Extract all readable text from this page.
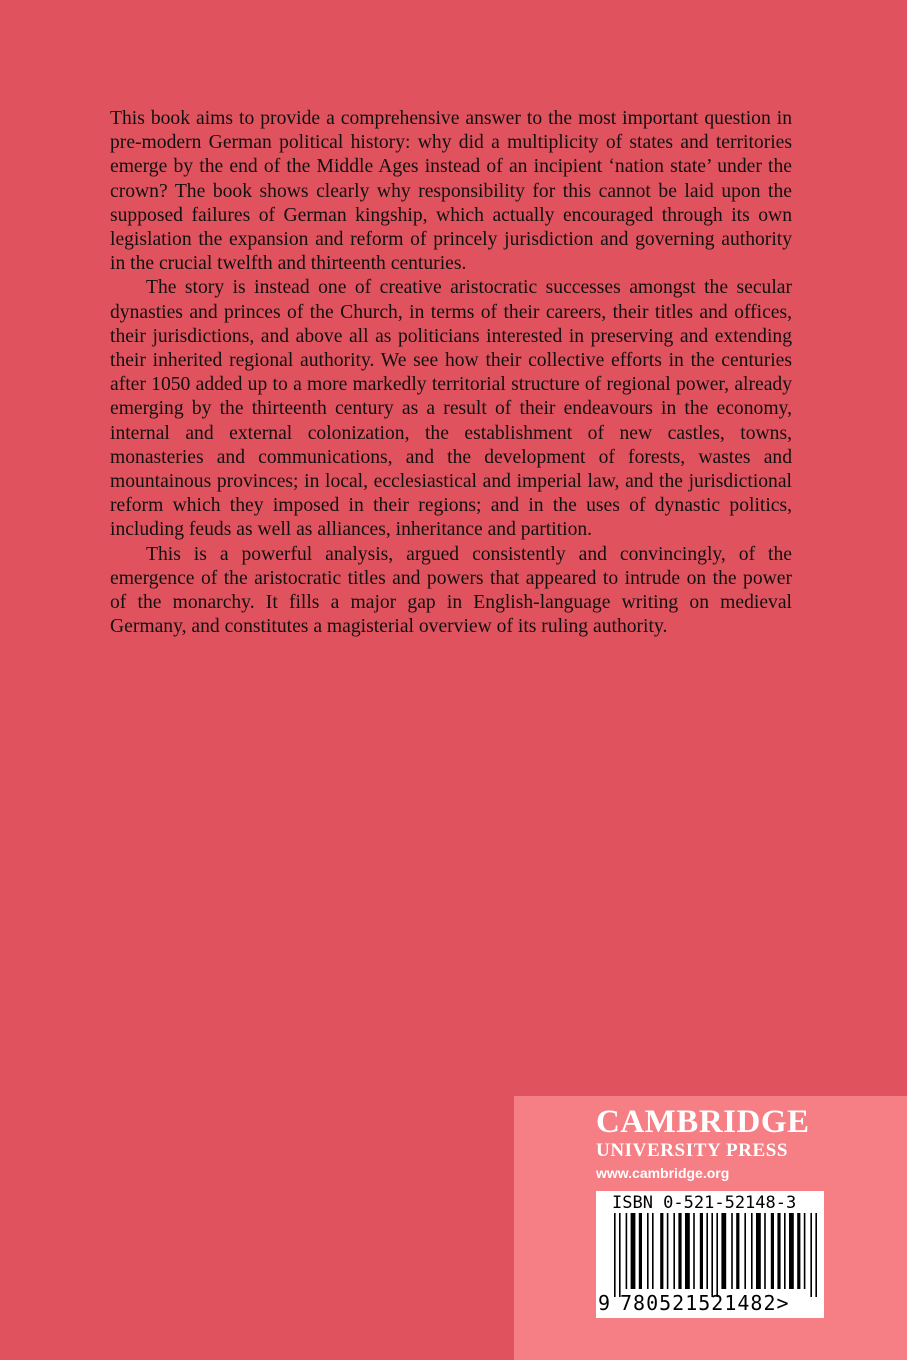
This book aims to provide a comprehensive answer to the most important question in pre-modern German political history: why did a multiplicity of states and territories emerge by the end of the Middle Ages instead of an incipient ‘nation state’ under the crown? The book shows clearly why responsibility for this cannot be laid upon the supposed failures of German kingship, which actually encouraged through its own legislation the expansion and reform of princely jurisdiction and governing authority in the crucial twelfth and thirteenth centuries.

The story is instead one of creative aristocratic successes amongst the secular dynasties and princes of the Church, in terms of their careers, their titles and offices, their jurisdictions, and above all as politicians interested in preserving and extending their inherited regional authority. We see how their collective efforts in the centuries after 1050 added up to a more markedly territorial structure of regional power, already emerging by the thirteenth century as a result of their endeavours in the economy, internal and external colonization, the establishment of new castles, towns, monasteries and communications, and the development of forests, wastes and mountainous provinces; in local, ecclesiastical and imperial law, and the jurisdictional reform which they imposed in their regions; and in the uses of dynastic politics, including feuds as well as alliances, inheritance and partition.

This is a powerful analysis, argued consistently and convincingly, of the emergence of the aristocratic titles and powers that appeared to intrude on the power of the monarchy. It fills a major gap in English-language writing on medieval Germany, and constitutes a magisterial overview of its ruling authority.

CAMBRIDGE
UNIVERSITY PRESS
www.cambridge.org
ISBN 0-521-52148-3
9 780521521482>
